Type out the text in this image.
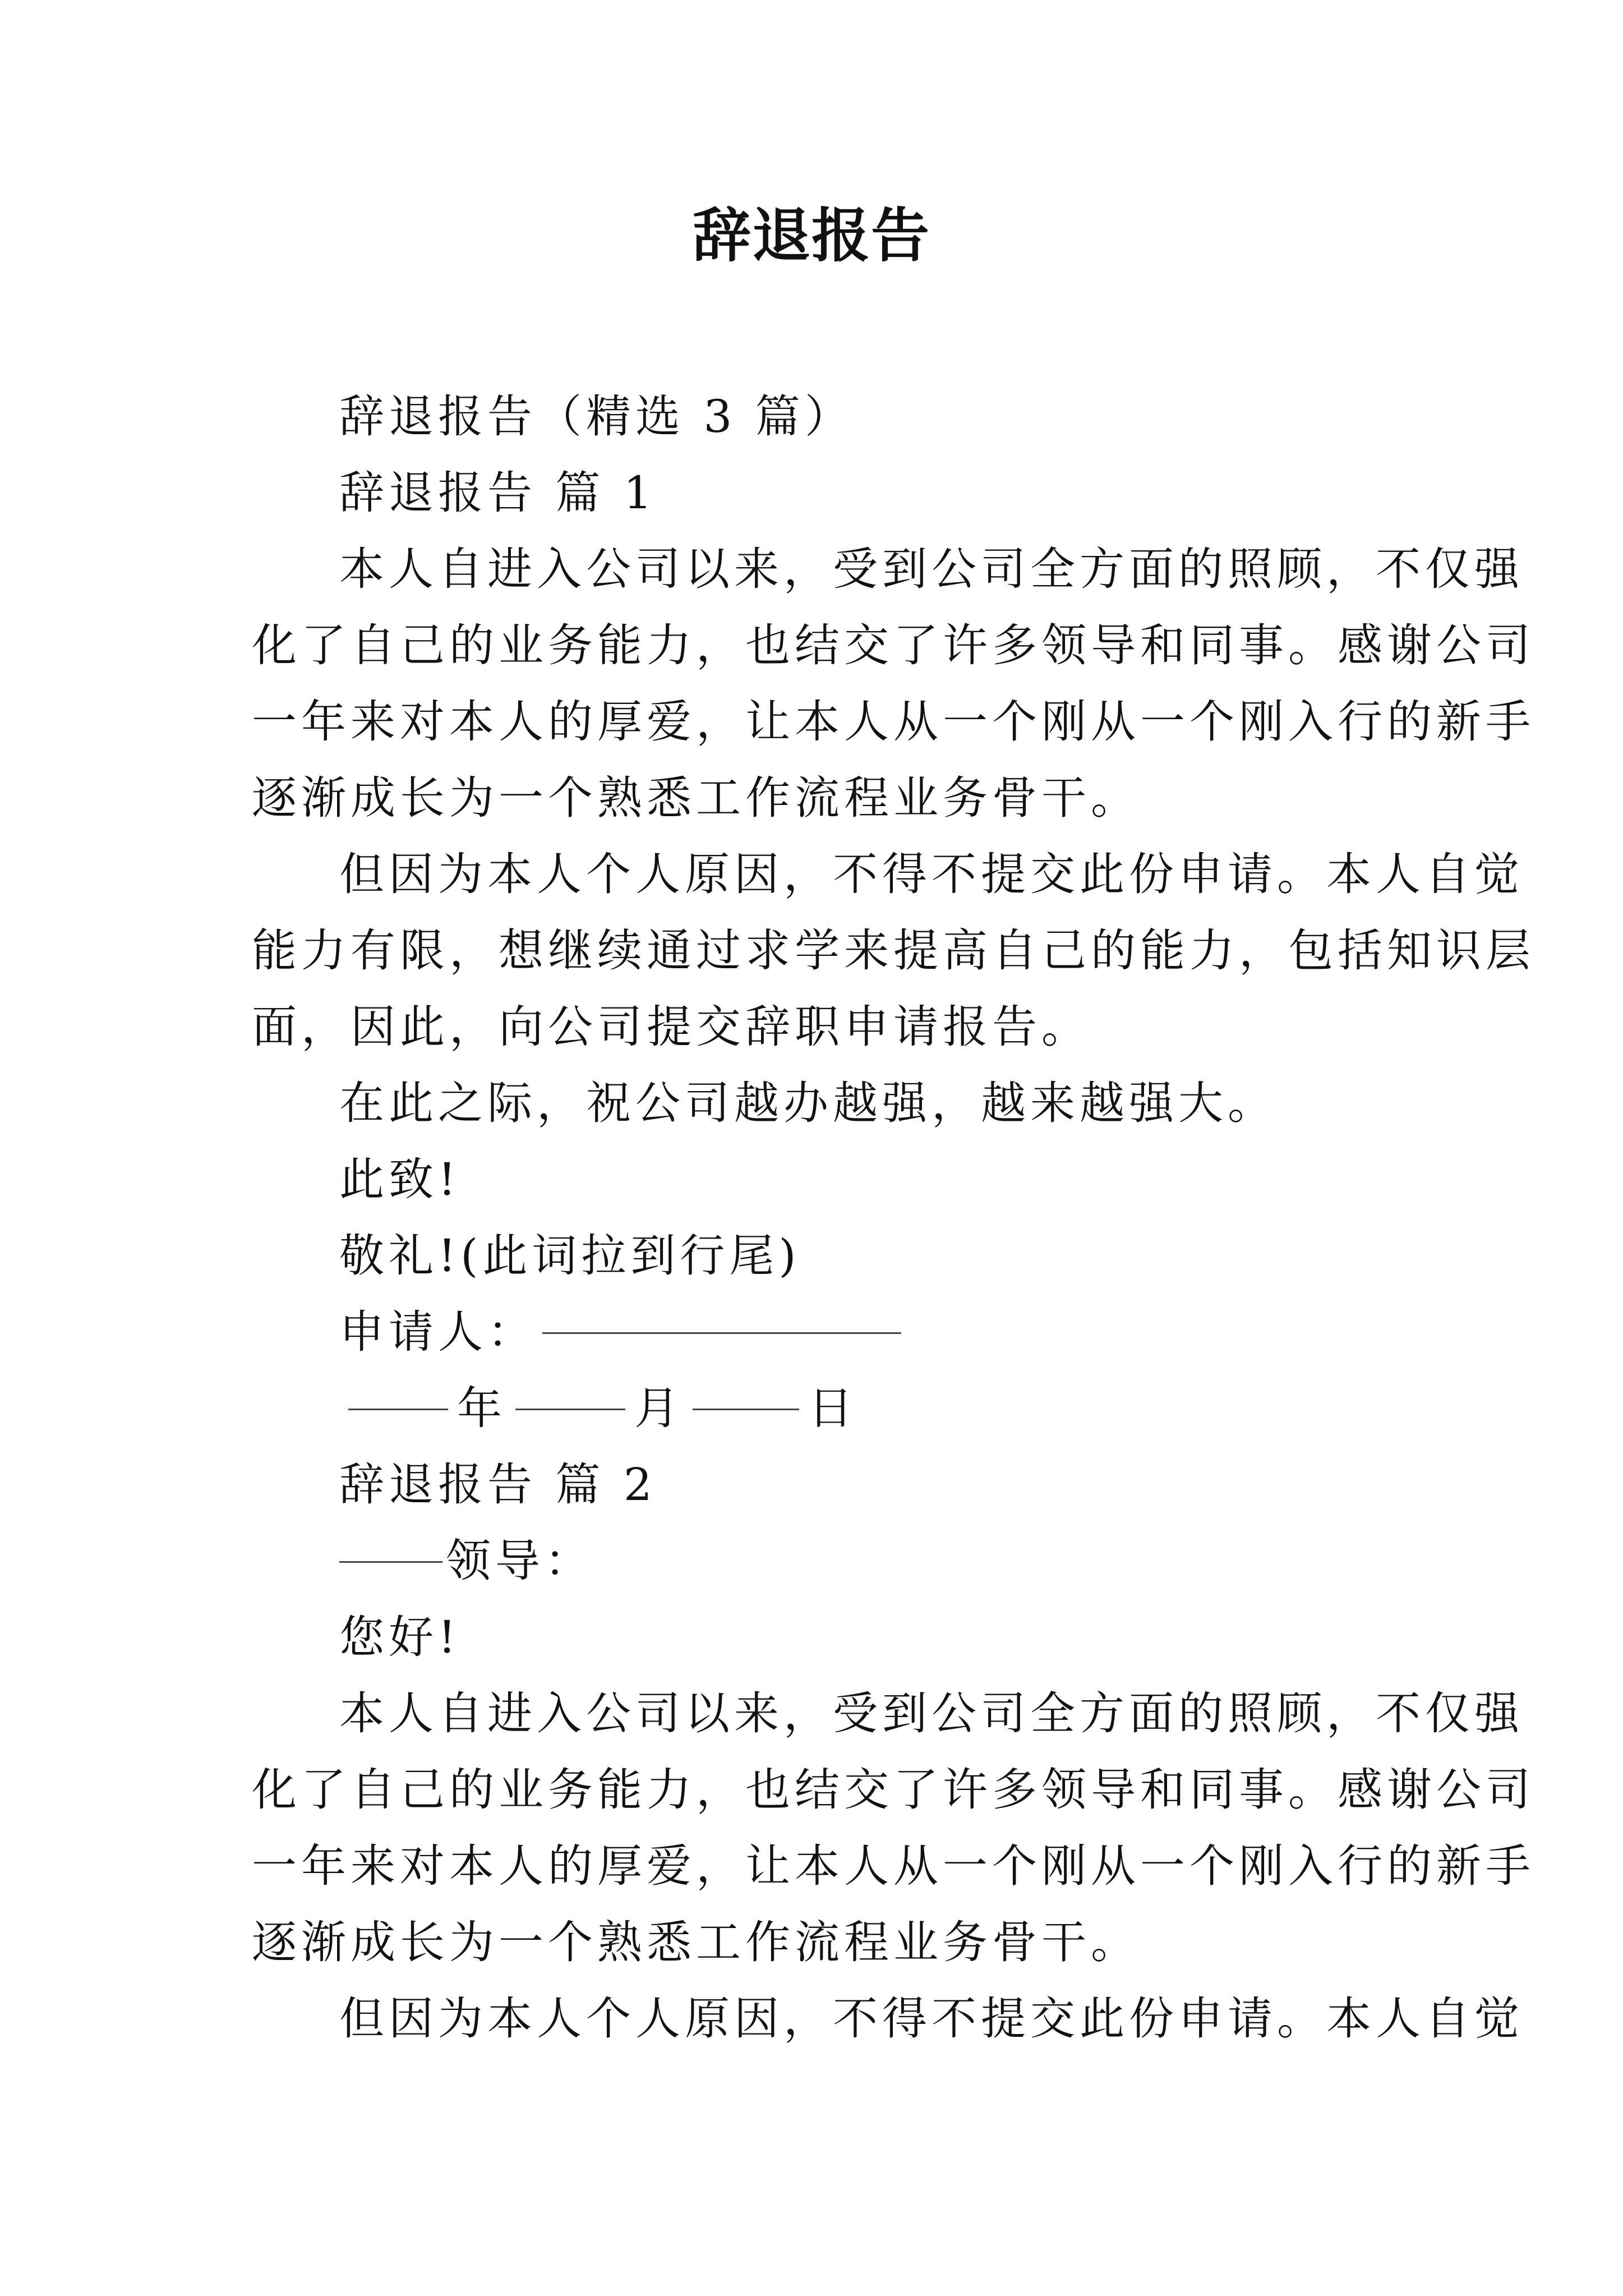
辞退报告

辞退报告（精选 3 篇）

辞退报告 篇 1

本人自进入公司以来，受到公司全方面的照顾，不仅强

化了自己的业务能力，也结交了许多领导和同事。感谢公司

一年来对本人的厚爱，让本人从一个刚从一个刚入行的新手

逐渐成长为一个熟悉工作流程业务骨干。

但因为本人个人原因，不得不提交此份申请。本人自觉

能力有限，想继续通过求学来提高自己的能力，包括知识层

面，因此，向公司提交辞职申请报告。

在此之际，祝公司越办越强，越来越强大。

此致!

敬礼!(此词拉到行尾)

申请人：

年	月	日

辞退报告 篇 2

领导：

您好!

本人自进入公司以来，受到公司全方面的照顾，不仅强

化了自己的业务能力，也结交了许多领导和同事。感谢公司

一年来对本人的厚爱，让本人从一个刚从一个刚入行的新手

逐渐成长为一个熟悉工作流程业务骨干。

但因为本人个人原因，不得不提交此份申请。本人自觉
